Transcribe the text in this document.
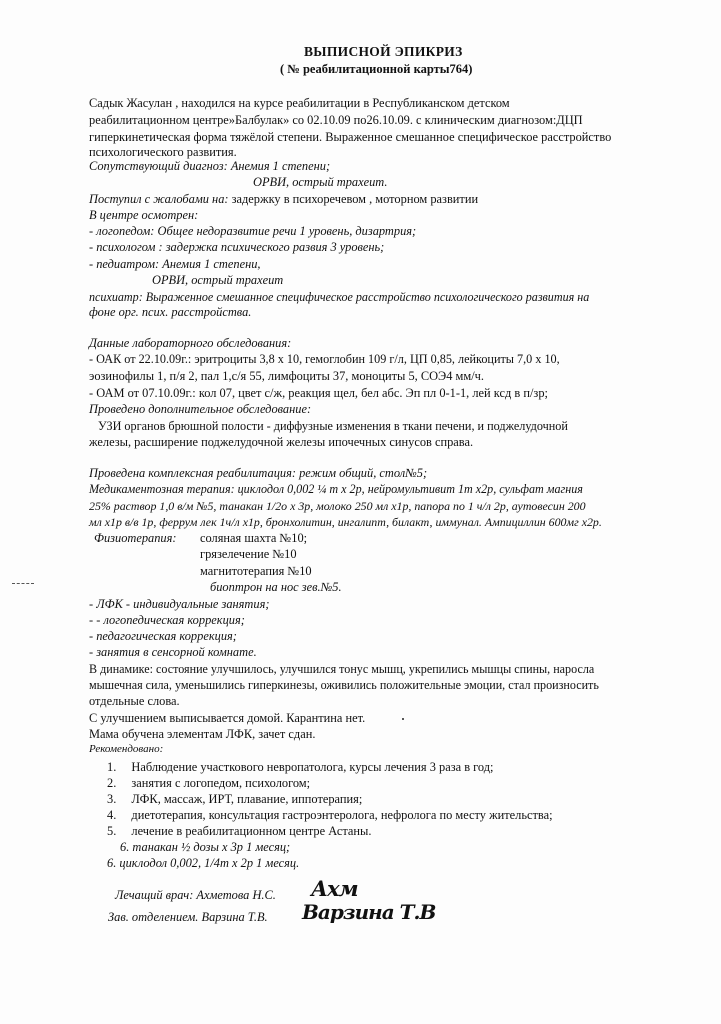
ВЫПИСНОЙ ЭПИКРИЗ
( № реабилитационной карты764)
Садык Жасулан , находился на курсе реабилитации в Республиканском детском
реабилитационном центре»Балбулак» со 02.10.09 по26.10.09. с клиническим диагнозом:ДЦП
гиперкинетическая форма тяжёлой степени. Выраженное смешанное специфическое расстройство
психологического развития.
Сопутствующий диагноз: Анемия 1 степени;
ОРВИ, острый трахеит.
Поступил с жалобами на: задержку в психоречевом , моторном развитии
В центре осмотрен:
- логопедом: Общее недоразвитие речи 1 уровень, дизартрия;
- психологом : задержка психического развия 3 уровень;
- педиатром: Анемия 1 степени,
ОРВИ, острый трахеит
психиатр: Выраженное смешанное специфическое расстройство психологического развития на
фоне орг. псих. расстройства.
Данные лабораторного обследования:
- ОАК от 22.10.09г.: эритроциты 3,8 х 10, гемоглобин 109 г/л, ЦП 0,85, лейкоциты 7,0 х 10,
эозинофилы 1, п/я 2, пал 1,с/я 55, лимфоциты 37, моноциты 5, СОЭ4 мм/ч.
- ОАМ от 07.10.09г.: кол 07, цвет с/ж, реакция щел, бел абс. Эп пл 0-1-1, лей ксд в п/зр;
Проведено дополнительное обследование:
УЗИ органов брюшной полости - диффузные изменения в ткани печени, и поджелудочной
железы, расширение поджелудочной железы ипочечных синусов справа.
Проведена комплексная реабилитация: режим общий, стол№5;
Медикаментозная терапия: циклодол 0,002 ¼ т х 2р, нейромультивит 1т х2р, сульфат магния
25% раствор 1,0 в/м №5, танакан 1/2о х 3р, молоко 250 мл х1р, папора по 1 ч/л 2р, аутовесин 200
мл х1р в/в 1р, феррум лек 1ч/л х1р, бронхолитин, ингалипт, билакт, иммунал. Ампициллин 600мг х2р.
Физиотерапия: соляная шахта №10;
грязелечение №10
магнитотерапия №10
биоптрон на нос зев.№5.
- ЛФК - индивидуальные занятия;
- - логопедическая коррекция;
- педагогическая коррекция;
- занятия в сенсорной комнате.
В динамике: состояние улучшилось, улучшился тонус мышц, укрепились мышцы спины, наросла
мышечная сила, уменьшились гиперкинезы, оживились положительные эмоции, стал произносить
отдельные слова.
С улучшением выписывается домой. Карантина нет.
Мама обучена элементам ЛФК, зачет сдан.
Рекомендовано:
1. Наблюдение участкового невропатолога, курсы лечения 3 раза в год;
2. занятия с логопедом, психологом;
3. ЛФК, массаж, ИРТ, плавание, иппотерапия;
4. диетотерапия, консультация гастроэнтеролога, нефролога по месту жительства;
5. лечение в реабилитационном центре Астаны.
6. танакан ½ дозы х 3р 1 месяц;
6. циклодол 0,002, 1/4т х 2р 1 месяц.
Лечащий врач: Ахметова Н.С. Ахм
Зав. отделением. Варзина Т.В. Варзина Т.В
